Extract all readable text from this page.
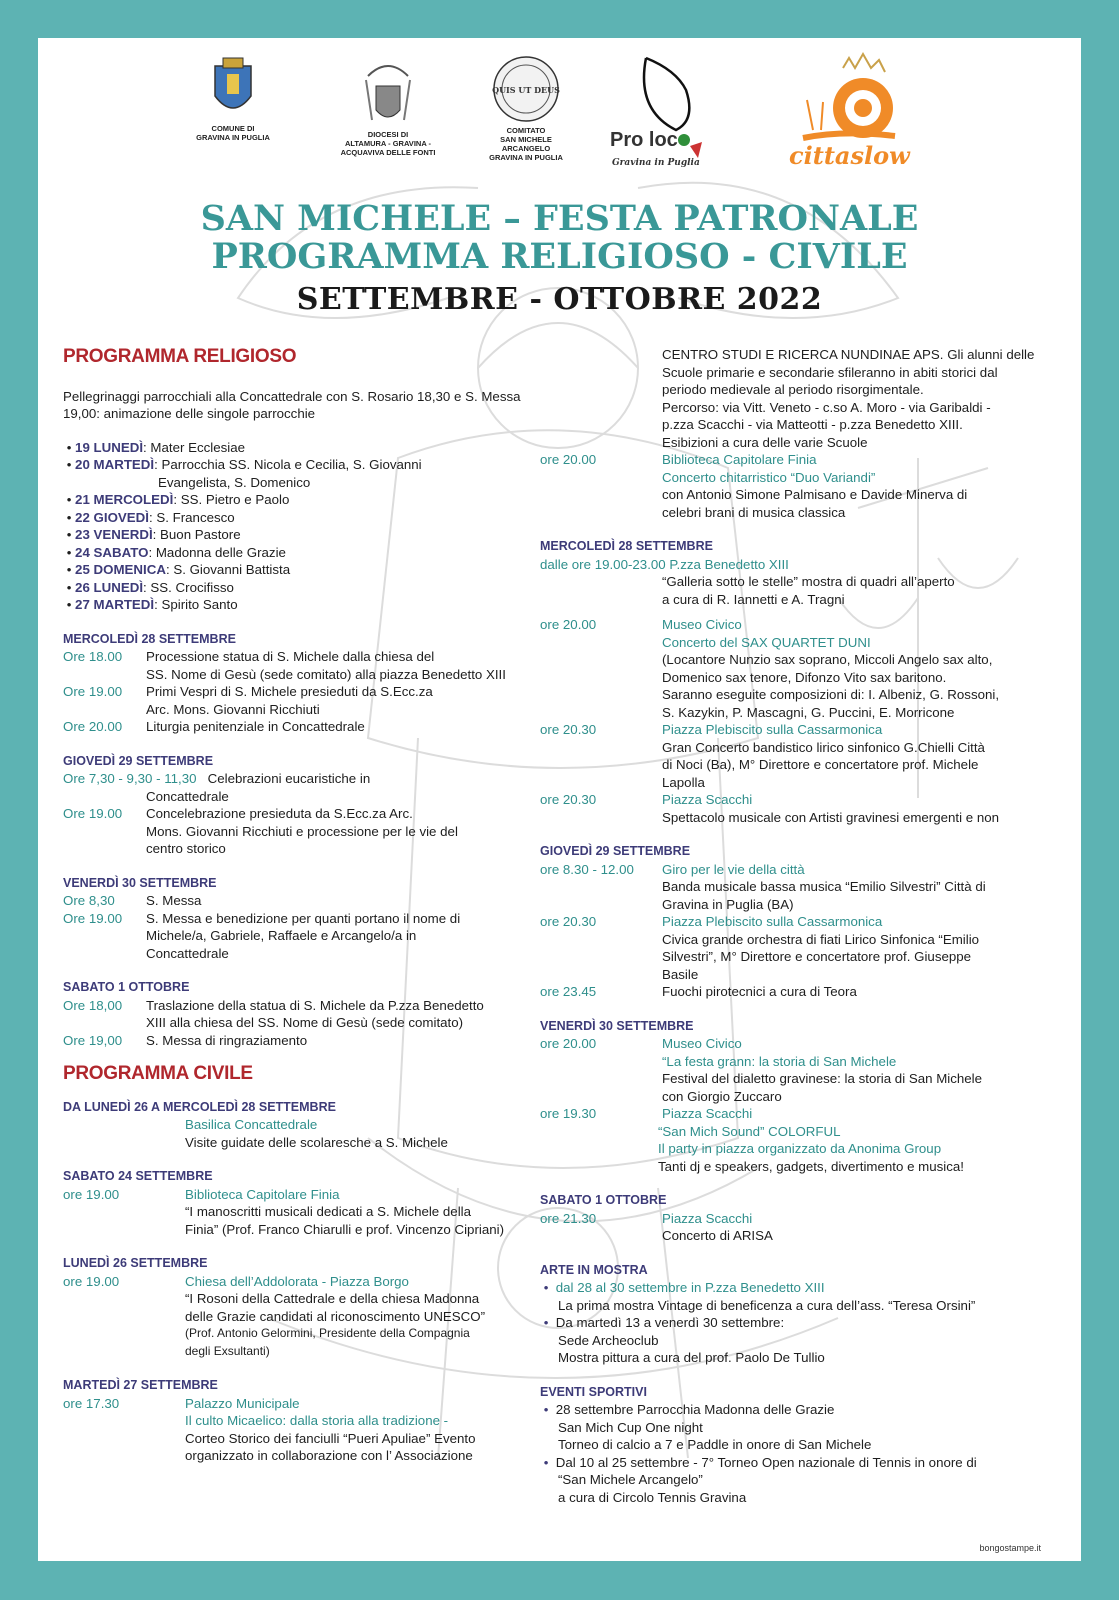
COMUNE DI
GRAVINA IN PUGLIA	DIOCESI DI
ALTAMURA - GRAVINA -
ACQUAVIVA DELLE FONTI
QUIS UT DEUS
COMITATO
SAN MICHELE
ARCANGELO
GRAVINA IN PUGLIA
Pro loc
Gravina in Puglia	cittaslow
SAN MICHELE – FESTA PATRONALE
PROGRAMMA RELIGIOSO - CIVILE
SETTEMBRE - OTTOBRE 2022
PROGRAMMA RELIGIOSO
Pellegrinaggi parrocchiali alla Concattedrale con S. Rosario 18,30 e S. Messa 19,00: animazione delle singole parrocchie
• 19 LUNEDÌ: Mater Ecclesiae
• 20 MARTEDÌ: Parrocchia SS. Nicola e Cecilia, S. Giovanni
Evangelista, S. Domenico
• 21 MERCOLEDÌ: SS. Pietro e Paolo
• 22 GIOVEDÌ: S. Francesco
• 23 VENERDÌ: Buon Pastore
• 24 SABATO: Madonna delle Grazie
• 25 DOMENICA: S. Giovanni Battista
• 26 LUNEDÌ: SS. Crocifisso
• 27 MARTEDÌ: Spirito Santo
MERCOLEDÌ 28 SETTEMBRE
Ore 18.00	Processione statua di S. Michele dalla chiesa del
SS. Nome di Gesù (sede comitato) alla piazza Benedetto XIII
Ore 19.00	Primi Vespri di S. Michele presieduti da S.Ecc.za
Arc. Mons. Giovanni Ricchiuti
Ore 20.00	Liturgia penitenziale in Concattedrale
GIOVEDÌ 29 SETTEMBRE
Ore 7,30 - 9,30 - 11,30 Celebrazioni eucaristiche in
Concattedrale
Ore 19.00	Concelebrazione presieduta da S.Ecc.za Arc.
Mons. Giovanni Ricchiuti e processione per le vie del
centro storico
VENERDÌ 30 SETTEMBRE
Ore 8,30	S. Messa
Ore 19.00	S. Messa e benedizione per quanti portano il nome di
Michele/a, Gabriele, Raffaele e Arcangelo/a in
Concattedrale
SABATO 1 OTTOBRE
Ore 18,00	Traslazione della statua di S. Michele da P.zza Benedetto
XIII alla chiesa del SS. Nome di Gesù (sede comitato)
Ore 19,00	S. Messa di ringraziamento
PROGRAMMA CIVILE
DA LUNEDÌ 26 A MERCOLEDÌ 28 SETTEMBRE
Basilica Concattedrale
Visite guidate delle scolaresche a S. Michele
SABATO 24 SETTEMBRE
ore 19.00	Biblioteca Capitolare Finia
“I manoscritti musicali dedicati a S. Michele della
Finia” (Prof. Franco Chiarulli e prof. Vincenzo Cipriani)
LUNEDÌ 26 SETTEMBRE
ore 19.00	Chiesa dell’Addolorata - Piazza Borgo
“I Rosoni della Cattedrale e della chiesa Madonna
delle Grazie candidati al riconoscimento UNESCO”
(Prof. Antonio Gelormini, Presidente della Compagnia
degli Exsultanti)
MARTEDÌ 27 SETTEMBRE
ore 17.30	Palazzo Municipale
Il culto Micaelico: dalla storia alla tradizione -
Corteo Storico dei fanciulli “Pueri Apuliae” Evento
organizzato in collaborazione con l’ Associazione
CENTRO STUDI E RICERCA NUNDINAE APS. Gli alunni delle
Scuole primarie e secondarie sfileranno in abiti storici dal
periodo medievale al periodo risorgimentale.
Percorso: via Vitt. Veneto - c.so A. Moro - via Garibaldi -
p.zza Scacchi - via Matteotti - p.zza Benedetto XIII.
Esibizioni a cura delle varie Scuole
ore 20.00	Biblioteca Capitolare Finia
Concerto chitarristico “Duo Variandi”
con Antonio Simone Palmisano e Davide Minerva di
celebri brani di musica classica
MERCOLEDÌ 28 SETTEMBRE
dalle ore 19.00-23.00 P.zza Benedetto XIII
“Galleria sotto le stelle” mostra di quadri all’aperto
a cura di R. Iannetti e A. Tragni
ore 20.00	Museo Civico
Concerto del SAX QUARTET DUNI
(Locantore Nunzio sax soprano, Miccoli Angelo sax alto,
Domenico sax tenore, Difonzo Vito sax baritono.
Saranno eseguite composizioni di: I. Albeniz, G. Rossoni,
S. Kazykin, P. Mascagni, G. Puccini, E. Morricone
ore 20.30	Piazza Plebiscito sulla Cassarmonica
Gran Concerto bandistico lirico sinfonico G.Chielli Città
di Noci (Ba), M° Direttore e concertatore prof. Michele
Lapolla
ore 20.30	Piazza Scacchi
Spettacolo musicale con Artisti gravinesi emergenti e non
GIOVEDÌ 29 SETTEMBRE
ore 8.30 - 12.00	Giro per le vie della città
Banda musicale bassa musica “Emilio Silvestri” Città di
Gravina in Puglia (BA)
ore 20.30	Piazza Plebiscito sulla Cassarmonica
Civica grande orchestra di fiati Lirico Sinfonica “Emilio
Silvestri”, M° Direttore e concertatore prof. Giuseppe
Basile
ore 23.45	Fuochi pirotecnici a cura di Teora
VENERDÌ 30 SETTEMBRE
ore 20.00	Museo Civico
“La festa grann: la storia di San Michele
Festival del dialetto gravinese: la storia di San Michele
con Giorgio Zuccaro
ore 19.30	Piazza Scacchi
“San Mich Sound” COLORFUL
Il party in piazza organizzato da Anonima Group
Tanti dj e speakers, gadgets, divertimento e musica!
SABATO 1 OTTOBRE
ore 21.30	Piazza Scacchi
Concerto di ARISA
ARTE IN MOSTRA
•  dal 28 al 30 settembre in P.zza Benedetto XIII
La prima mostra Vintage di beneficenza a cura dell’ass. “Teresa Orsini”
•  Da martedì 13 a venerdì 30 settembre:
Sede Archeoclub
Mostra pittura a cura del prof. Paolo De Tullio
EVENTI SPORTIVI
•  28 settembre Parrocchia Madonna delle Grazie
San Mich Cup One night
Torneo di calcio a 7 e Paddle in onore di San Michele
•  Dal 10 al 25 settembre - 7° Torneo Open nazionale di Tennis in onore di
“San Michele Arcangelo”
a cura di Circolo Tennis Gravina
bongostampe.it
